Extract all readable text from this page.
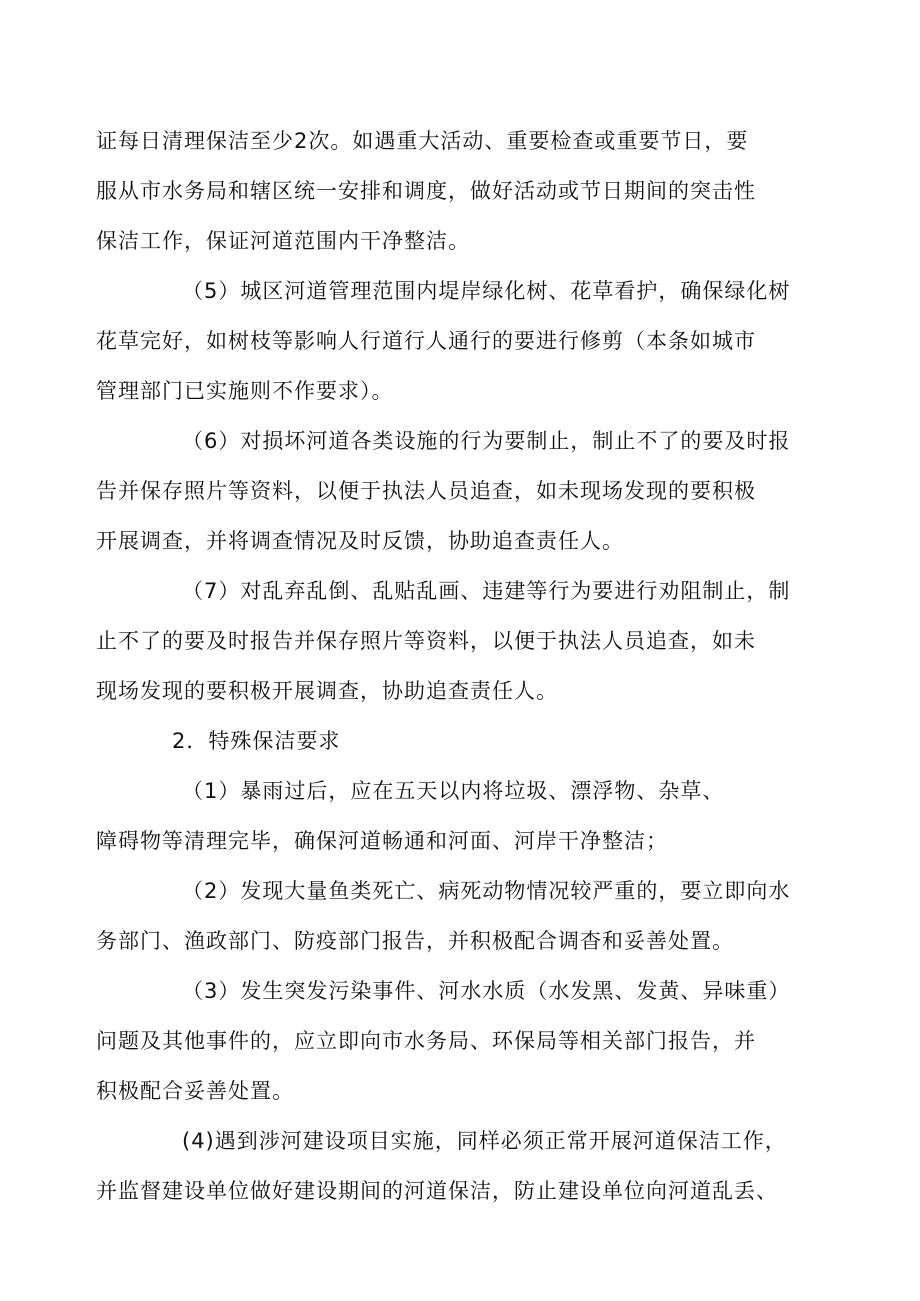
证每日清理保洁至少2次。如遇重大活动、重要检查或重要节日，要
服从市水务局和辖区统一安排和调度，做好活动或节日期间的突击性
保洁工作，保证河道范围内干净整洁。
（5）城区河道管理范围内堤岸绿化树、花草看护，确保绿化树
花草完好，如树枝等影响人行道行人通行的要进行修剪（本条如城市
管理部门已实施则不作要求）。
（6）对损坏河道各类设施的行为要制止，制止不了的要及时报
告并保存照片等资料，以便于执法人员追查，如未现场发现的要积极
开展调查，并将调查情况及时反馈，协助追查责任人。
（7）对乱弃乱倒、乱贴乱画、违建等行为要进行劝阻制止，制
止不了的要及时报告并保存照片等资料，以便于执法人员追查，如未
现场发现的要积极开展调查，协助追查责任人。
2．特殊保洁要求
（1）暴雨过后，应在五天以内将垃圾、漂浮物、杂草、
障碍物等清理完毕，确保河道畅通和河面、河岸干净整洁；
（2）发现大量鱼类死亡、病死动物情况较严重的，要立即向水
务部门、渔政部门、防疫部门报告，并积极配合调杳和妥善处置。
（3）发生突发污染事件、河水水质（水发黑、发黄、异味重）
问题及其他事件的，应立即向市水务局、环保局等相关部门报告，并
积极配合妥善处置。
(4)遇到涉河建设项目实施，同样必须正常开展河道保洁工作，
并监督建设单位做好建设期间的河道保洁，防止建设单位向河道乱丢、
